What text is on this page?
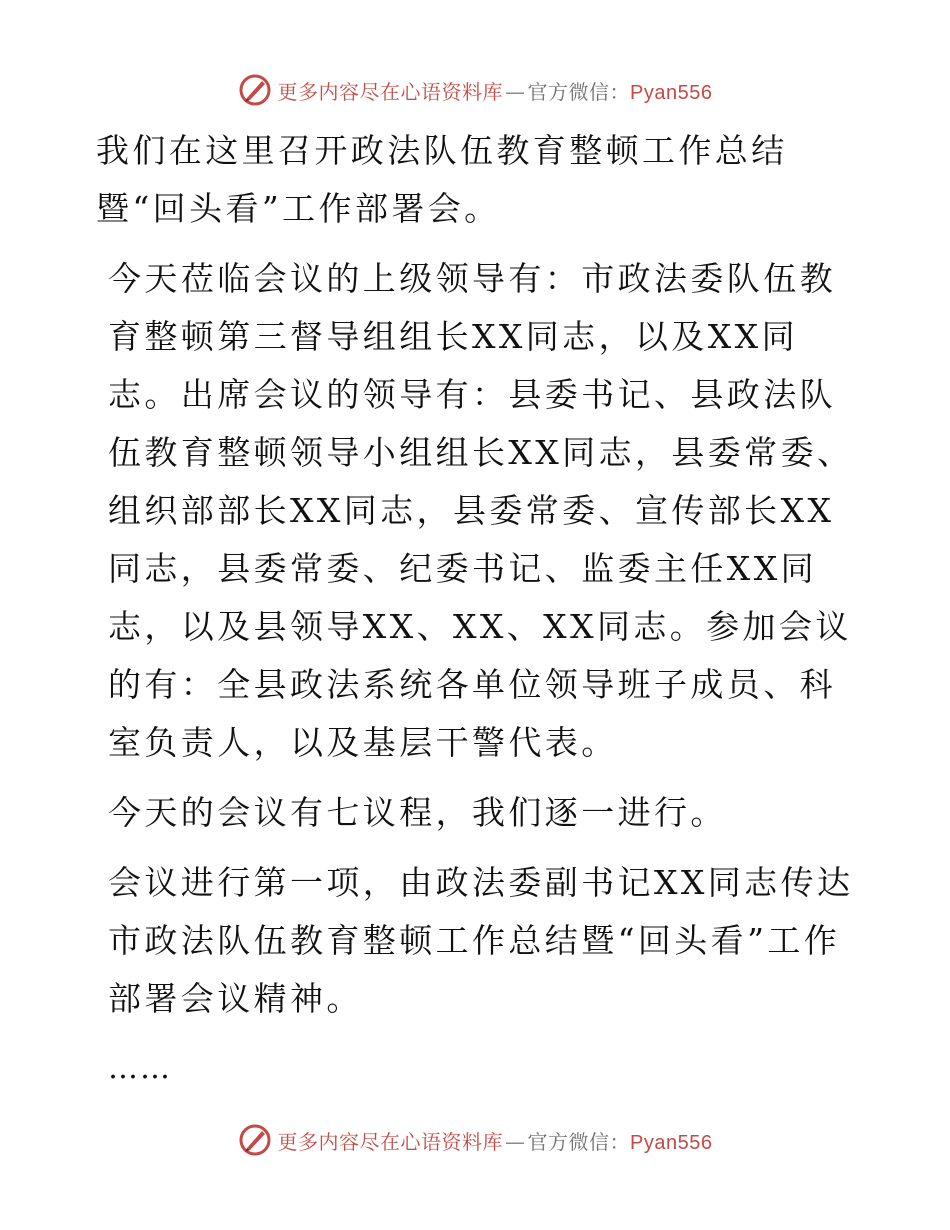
更多内容尽在心语资料库 — 官方微信：Pyan556

我们在这里召开政法队伍教育整顿工作总结暨“回头看”工作部署会。

今天莅临会议的上级领导有：市政法委队伍教育整顿第三督导组组长XX同志，以及XX同志。出席会议的领导有：县委书记、县政法队伍教育整顿领导小组组长XX同志，县委常委、组织部部长XX同志，县委常委、宣传部长XX同志，县委常委、纪委书记、监委主任XX同志，以及县领导XX、XX、XX同志。参加会议的有：全县政法系统各单位领导班子成员、科室负责人，以及基层干警代表。

今天的会议有七议程，我们逐一进行。

会议进行第一项，由政法委副书记XX同志传达市政法队伍教育整顿工作总结暨“回头看”工作部署会议精神。

……
更多内容尽在心语资料库 — 官方微信：Pyan556
